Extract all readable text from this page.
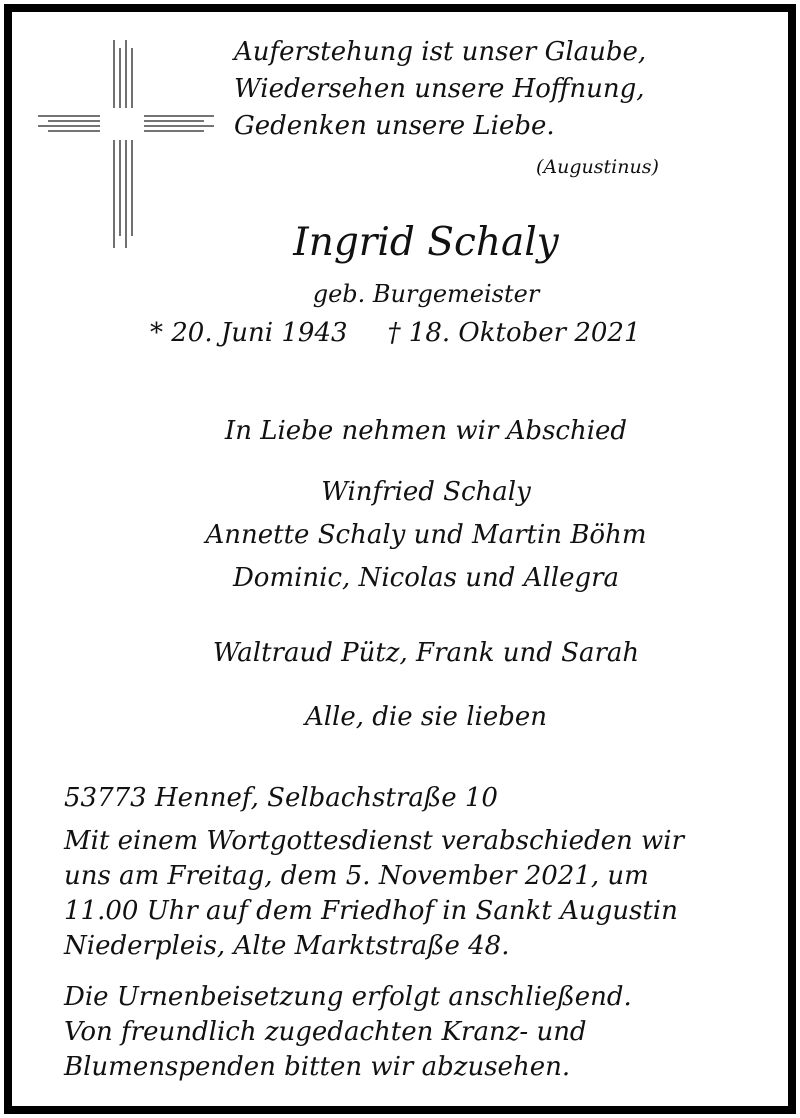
Auferstehung ist unser Glaube,
Wiedersehen unsere Hoffnung,
Gedenken unsere Liebe.
(Augustinus)
Ingrid Schaly
geb. Burgemeister
* 20. Juni 1943 † 18. Oktober 2021
In Liebe nehmen wir Abschied
Winfried Schaly
Annette Schaly und Martin Böhm
Dominic, Nicolas und Allegra
Waltraud Pütz, Frank und Sarah
Alle, die sie lieben
53773 Hennef, Selbachstraße 10
Mit einem Wortgottesdienst verabschieden wir
uns am Freitag, dem 5. November 2021, um
11.00 Uhr auf dem Friedhof in Sankt Augustin
Niederpleis, Alte Marktstraße 48.
Die Urnenbeisetzung erfolgt anschließend.
Von freundlich zugedachten Kranz- und
Blumenspenden bitten wir abzusehen.
